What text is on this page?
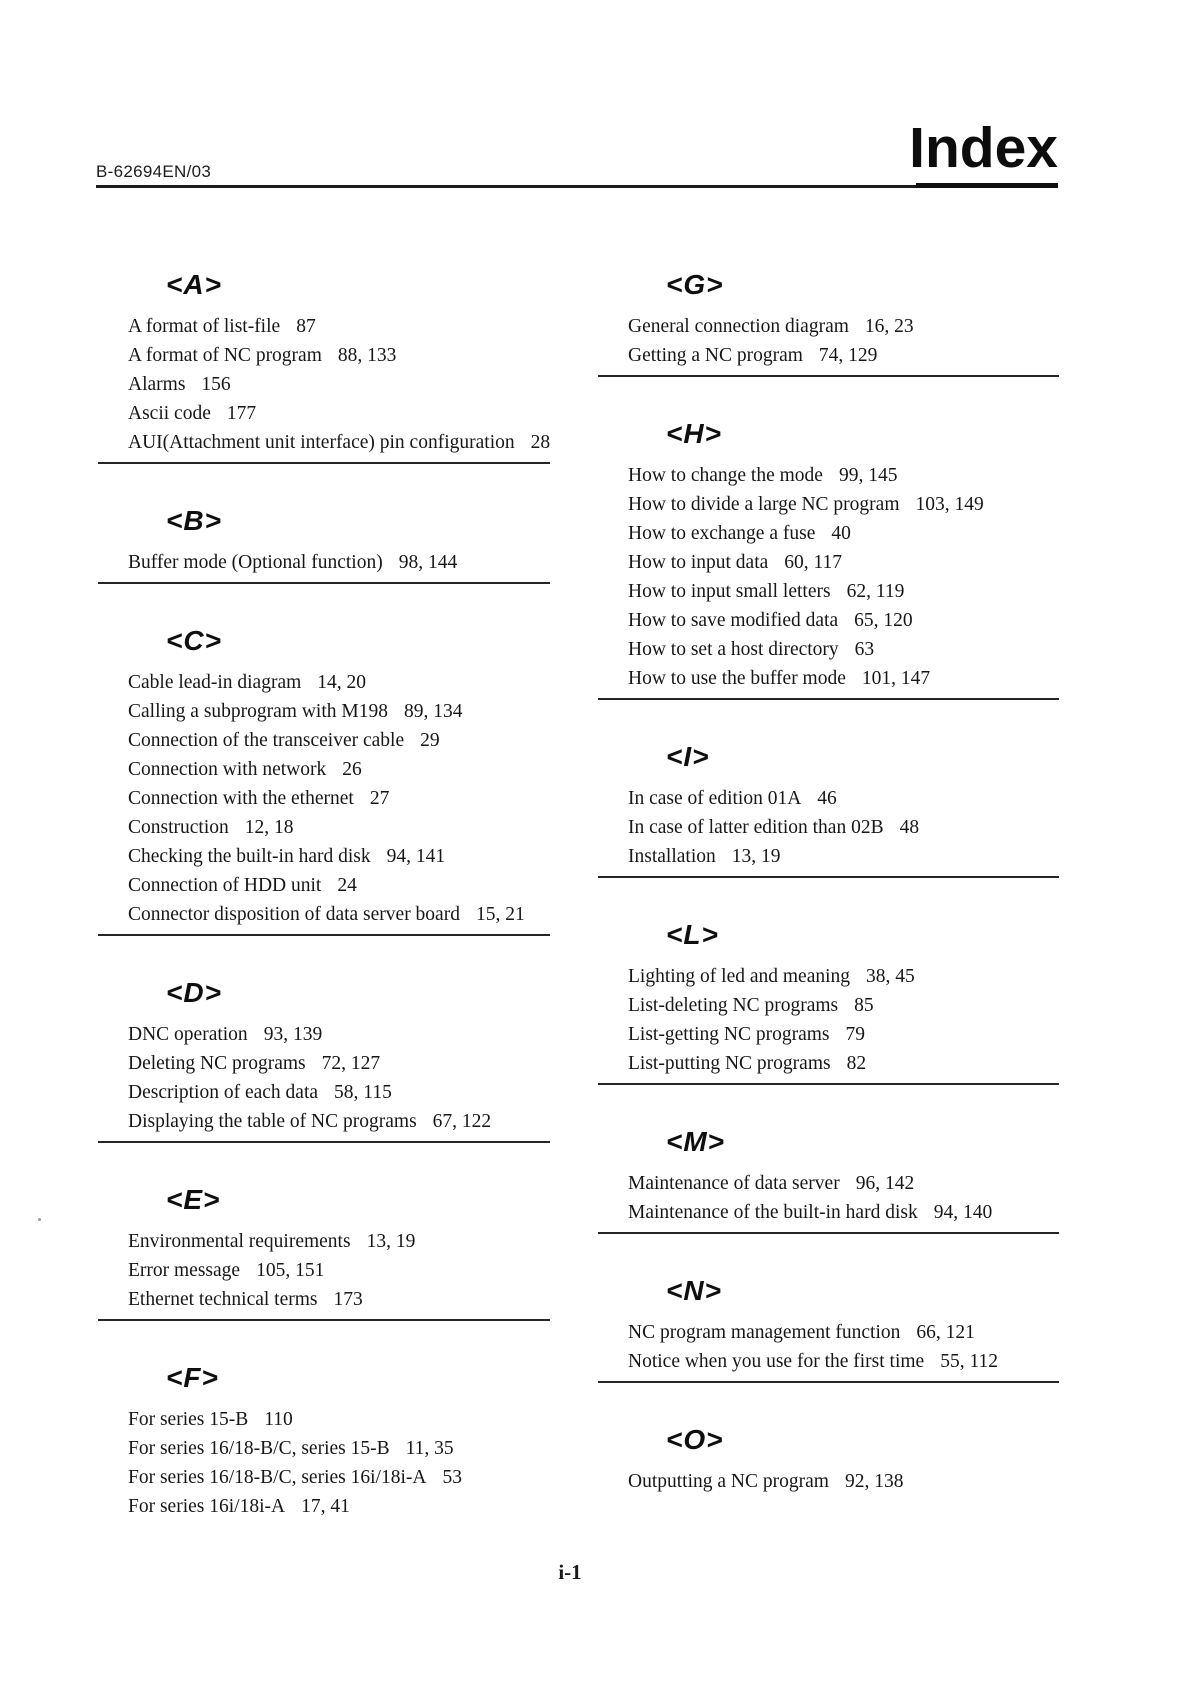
B-62694EN/03	Index
<A>
A format of list-file 87
A format of NC program 88, 133
Alarms 156
Ascii code 177
AUI(Attachment unit interface) pin configuration 28
<B>
Buffer mode (Optional function) 98, 144
<C>
Cable lead-in diagram 14, 20
Calling a subprogram with M198 89, 134
Connection of the transceiver cable 29
Connection with network 26
Connection with the ethernet 27
Construction 12, 18
Checking the built-in hard disk 94, 141
Connection of HDD unit 24
Connector disposition of data server board 15, 21
<D>
DNC operation 93, 139
Deleting NC programs 72, 127
Description of each data 58, 115
Displaying the table of NC programs 67, 122
<E>
Environmental requirements 13, 19
Error message 105, 151
Ethernet technical terms 173
<F>
For series 15-B 110
For series 16/18-B/C, series 15-B 11, 35
For series 16/18-B/C, series 16i/18i-A 53
For series 16i/18i-A 17, 41
<G>
General connection diagram 16, 23
Getting a NC program 74, 129
<H>
How to change the mode 99, 145
How to divide a large NC program 103, 149
How to exchange a fuse 40
How to input data 60, 117
How to input small letters 62, 119
How to save modified data 65, 120
How to set a host directory 63
How to use the buffer mode 101, 147
<I>
In case of edition 01A 46
In case of latter edition than 02B 48
Installation 13, 19
<L>
Lighting of led and meaning 38, 45
List-deleting NC programs 85
List-getting NC programs 79
List-putting NC programs 82
<M>
Maintenance of data server 96, 142
Maintenance of the built-in hard disk 94, 140
<N>
NC program management function 66, 121
Notice when you use for the first time 55, 112
<O>
Outputting a NC program 92, 138
i-1
